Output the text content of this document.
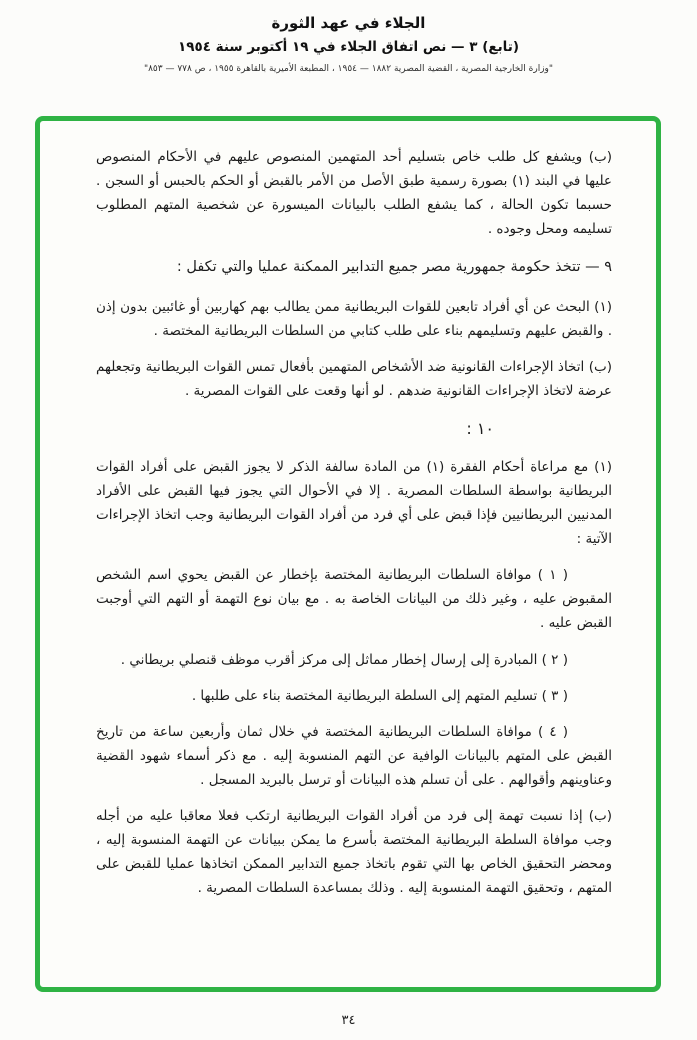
الجلاء في عهد الثورة
(تابع) ٣ — نص اتفاق الجلاء في ١٩ أكتوبر سنة ١٩٥٤
"وزارة الخارجية المصرية ، القضية المصرية ١٨٨٢ — ١٩٥٤ ، المطبعة الأميرية بالقاهرة ١٩٥٥ ، ص ٧٧٨ — ٨٥٣"

(ب) ويشفع كل طلب خاص بتسليم أحد المتهمين المنصوص عليهم في الأحكام المنصوص عليها في البند (١) بصورة رسمية طبق الأصل من الأمر بالقبض أو الحكم بالحبس أو السجن . حسبما تكون الحالة ، كما يشفع الطلب بالبيانات الميسورة عن شخصية المتهم المطلوب تسليمه ومحل وجوده .

٩ — تتخذ حكومة جمهورية مصر جميع التدابير الممكنة عمليا والتي تكفل :

(١) البحث عن أي أفراد تابعين للقوات البريطانية ممن يطالب بهم كهاربين أو غائبين بدون إذن . والقبض عليهم وتسليمهم بناء على طلب كتابي من السلطات البريطانية المختصة .

(ب) اتخاذ الإجراءات القانونية ضد الأشخاص المتهمين بأفعال تمس القوات البريطانية وتجعلهم عرضة لاتخاذ الإجراءات القانونية ضدهم . لو أنها وقعت على القوات المصرية .

١٠ :

(١) مع مراعاة أحكام الفقرة (١) من المادة سالفة الذكر لا يجوز القبض على أفراد القوات البريطانية بواسطة السلطات المصرية . إلا في الأحوال التي يجوز فيها القبض على الأفراد المدنيين البريطانيين فإذا قبض على أي فرد من أفراد القوات البريطانية وجب اتخاذ الإجراءات الآتية :

( ١ ) موافاة السلطات البريطانية المختصة بإخطار عن القبض يحوي اسم الشخص المقبوض عليه ، وغير ذلك من البيانات الخاصة به . مع بيان نوع التهمة أو التهم التي أوجبت القبض عليه .

( ٢ ) المبادرة إلى إرسال إخطار مماثل إلى مركز أقرب موظف قنصلي بريطاني .

( ٣ ) تسليم المتهم إلى السلطة البريطانية المختصة بناء على طلبها .

( ٤ ) موافاة السلطات البريطانية المختصة في خلال ثمان وأربعين ساعة من تاريخ القبض على المتهم بالبيانات الوافية عن التهم المنسوبة إليه . مع ذكر أسماء شهود القضية وعناوينهم وأقوالهم . على أن تسلم هذه البيانات أو ترسل بالبريد المسجل .

(ب) إذا نسبت تهمة إلى فرد من أفراد القوات البريطانية ارتكب فعلا معاقبا عليه من أجله وجب موافاة السلطة البريطانية المختصة بأسرع ما يمكن ببيانات عن التهمة المنسوبة إليه ، ومحضر التحقيق الخاص بها التي تقوم باتخاذ جميع التدابير الممكن اتخاذها عمليا للقبض على المتهم ، وتحقيق التهمة المنسوبة إليه . وذلك بمساعدة السلطات المصرية .

٣٤
